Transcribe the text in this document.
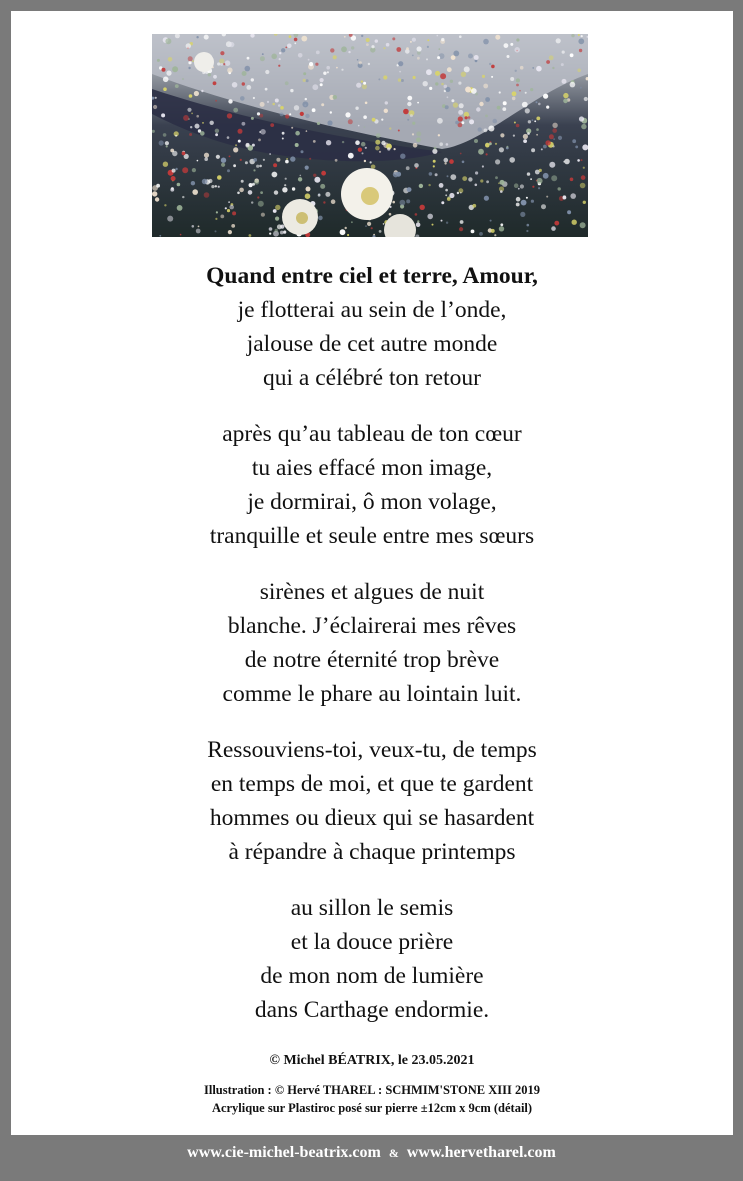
Quand entre ciel et terre, Amour,
je flotterai au sein de l’onde,
jalouse de cet autre monde
qui a célébré ton retour
après qu’au tableau de ton cœur
tu aies effacé mon image,
je dormirai, ô mon volage,
tranquille et seule entre mes sœurs
sirènes et algues de nuit
blanche. J’éclairerai mes rêves
de notre éternité trop brève
comme le phare au lointain luit.
Ressouviens-toi, veux-tu, de temps
en temps de moi, et que te gardent
hommes ou dieux qui se hasardent
à répandre à chaque printemps
au sillon le semis
et la douce prière
de mon nom de lumière
dans Carthage endormie.
© Michel BÉATRIX, le 23.05.2021
Illustration : © Hervé THAREL : SCHMIM'STONE XIII 2019
Acrylique sur Plastiroc posé sur pierre ±12cm x 9cm (détail)
www.cie-michel-beatrix.com & www.hervetharel.com
